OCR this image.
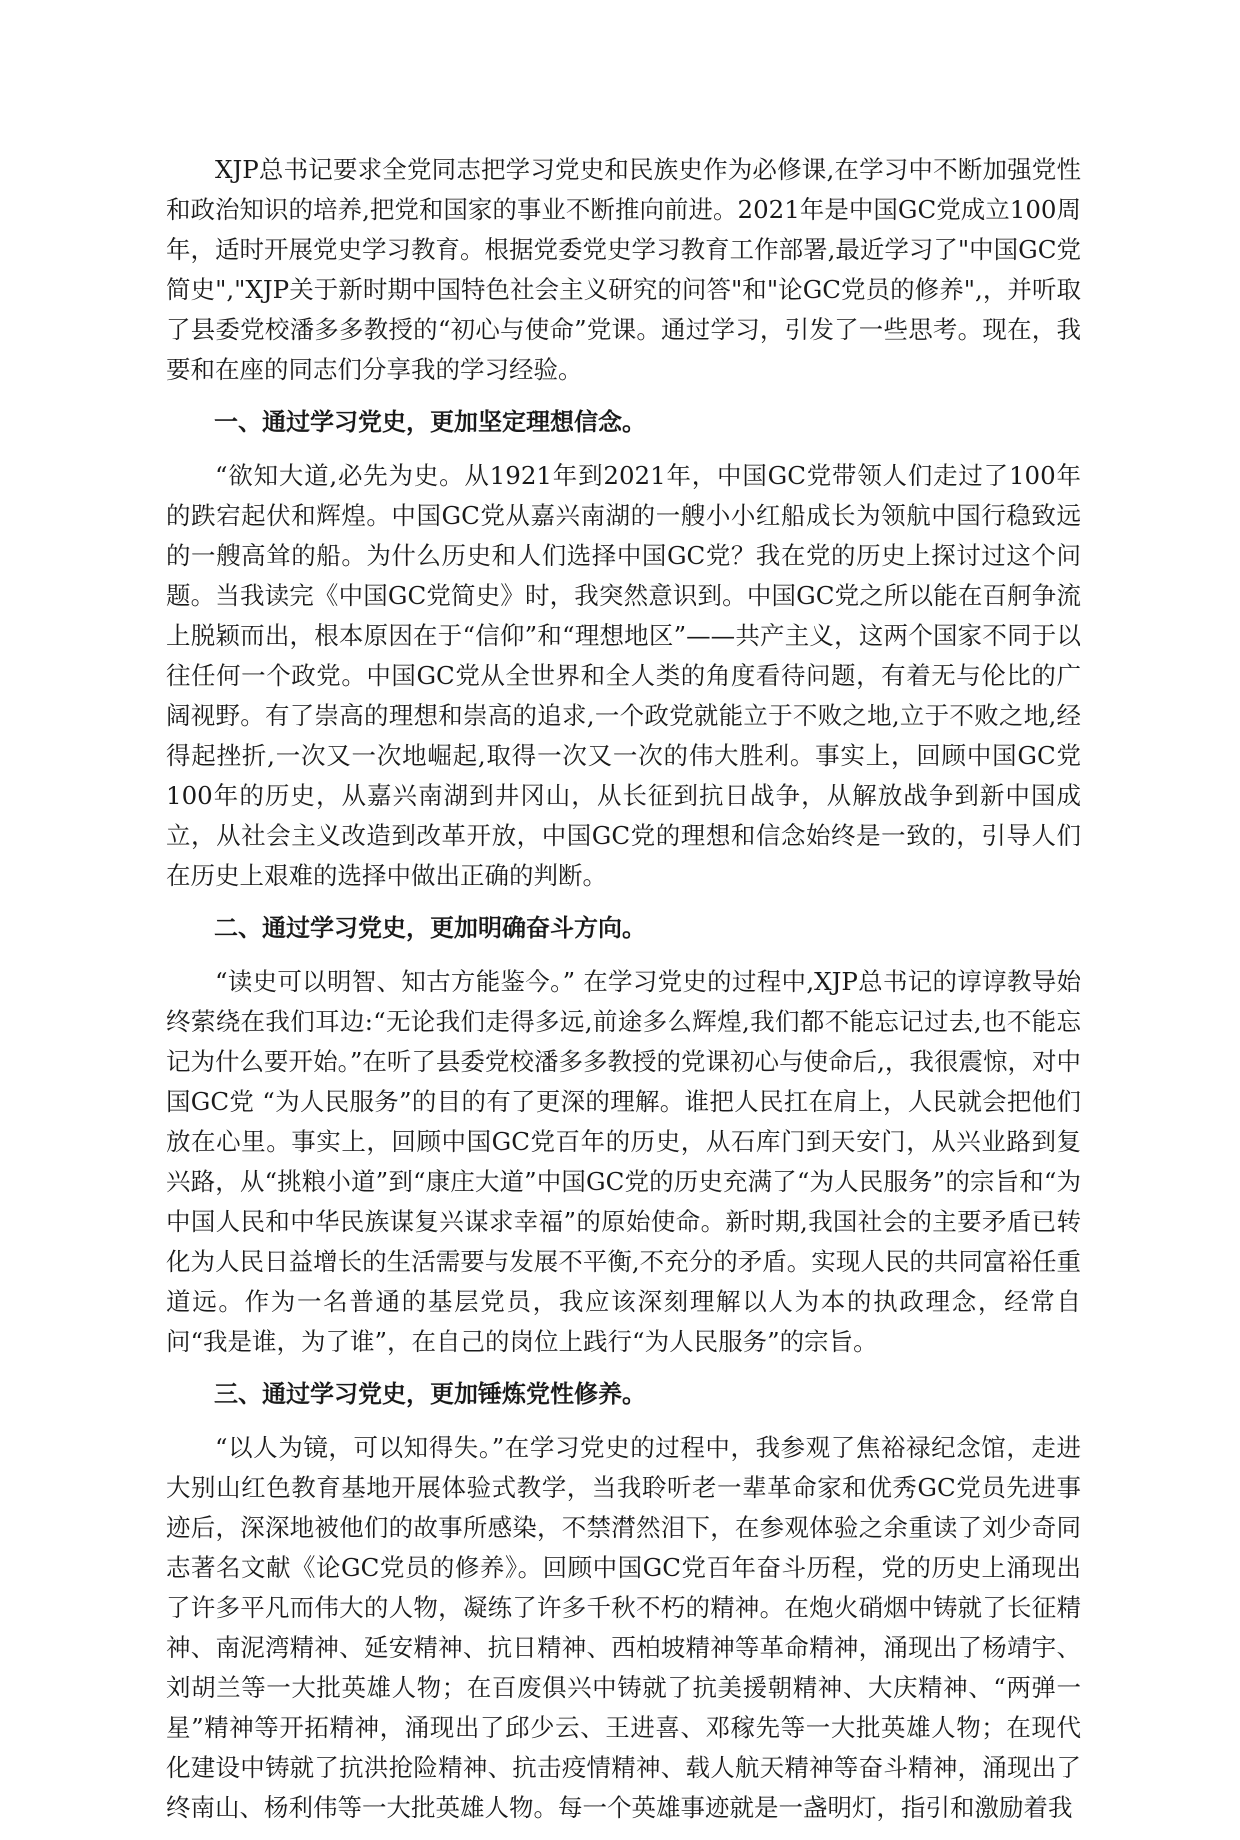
XJP总书记要求全党同志把学习党史和民族史作为必修课,在学习中不断加强党性和政治知识的培养,把党和国家的事业不断推向前进。2021年是中国GC党成立100周年，适时开展党史学习教育。根据党委党史学习教育工作部署,最近学习了"中国GC党简史","XJP关于新时期中国特色社会主义研究的问答"和"论GC党员的修养",，并听取了县委党校潘多多教授的“初心与使命”党课。通过学习，引发了一些思考。现在，我要和在座的同志们分享我的学习经验。

一、通过学习党史，更加坚定理想信念。

“欲知大道,必先为史。从1921年到2021年，中国GC党带领人们走过了100年的跌宕起伏和辉煌。中国GC党从嘉兴南湖的一艘小小红船成长为领航中国行稳致远的一艘高耸的船。为什么历史和人们选择中国GC党？我在党的历史上探讨过这个问题。当我读完《中国GC党简史》时，我突然意识到。中国GC党之所以能在百舸争流上脱颖而出，根本原因在于“信仰”和“理想地区”——共产主义，这两个国家不同于以往任何一个政党。中国GC党从全世界和全人类的角度看待问题，有着无与伦比的广阔视野。有了崇高的理想和崇高的追求,一个政党就能立于不败之地,立于不败之地,经得起挫折,一次又一次地崛起,取得一次又一次的伟大胜利。事实上，回顾中国GC党100年的历史，从嘉兴南湖到井冈山，从长征到抗日战争，从解放战争到新中国成立，从社会主义改造到改革开放，中国GC党的理想和信念始终是一致的，引导人们在历史上艰难的选择中做出正确的判断。

二、通过学习党史，更加明确奋斗方向。

“读史可以明智、知古方能鉴今。” 在学习党史的过程中,XJP总书记的谆谆教导始终萦绕在我们耳边:“无论我们走得多远,前途多么辉煌,我们都不能忘记过去,也不能忘记为什么要开始。”在听了县委党校潘多多教授的党课初心与使命后,，我很震惊，对中国GC党 “为人民服务”的目的有了更深的理解。谁把人民扛在肩上，人民就会把他们放在心里。事实上，回顾中国GC党百年的历史，从石库门到天安门，从兴业路到复兴路，从“挑粮小道”到“康庄大道”中国GC党的历史充满了“为人民服务”的宗旨和“为中国人民和中华民族谋复兴谋求幸福”的原始使命。新时期,我国社会的主要矛盾已转化为人民日益增长的生活需要与发展不平衡,不充分的矛盾。实现人民的共同富裕任重道远。作为一名普通的基层党员，我应该深刻理解以人为本的执政理念，经常自问“我是谁，为了谁”，在自己的岗位上践行“为人民服务”的宗旨。

三、通过学习党史，更加锤炼党性修养。

“以人为镜，可以知得失。”在学习党史的过程中，我参观了焦裕禄纪念馆，走进大别山红色教育基地开展体验式教学，当我聆听老一辈革命家和优秀GC党员先进事迹后，深深地被他们的故事所感染，不禁潸然泪下，在参观体验之余重读了刘少奇同志著名文献《论GC党员的修养》。回顾中国GC党百年奋斗历程，党的历史上涌现出了许多平凡而伟大的人物，凝练了许多千秋不朽的精神。在炮火硝烟中铸就了长征精神、南泥湾精神、延安精神、抗日精神、西柏坡精神等革命精神，涌现出了杨靖宇、刘胡兰等一大批英雄人物；在百废俱兴中铸就了抗美援朝精神、大庆精神、“两弹一星”精神等开拓精神，涌现出了邱少云、王进喜、邓稼先等一大批英雄人物；在现代化建设中铸就了抗洪抢险精神、抗击疫情精神、载人航天精神等奋斗精神，涌现出了终南山、杨利伟等一大批英雄人物。每一个英雄事迹就是一盏明灯，指引和激励着我
